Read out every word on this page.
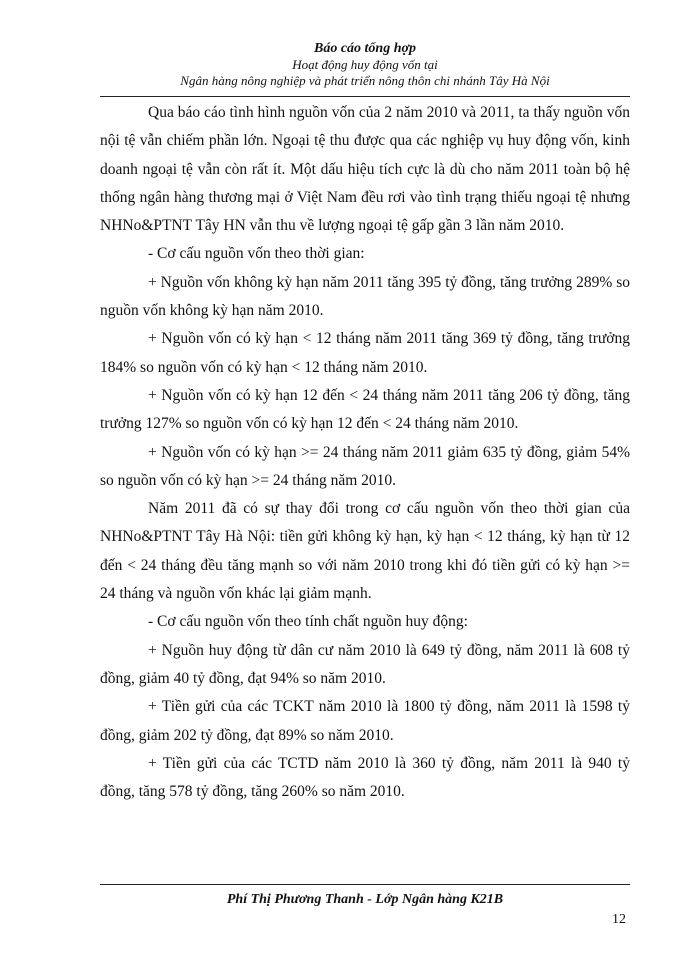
Báo cáo tổng hợp
Hoạt động huy động vốn tại
Ngân hàng nông nghiệp và phát triển nông thôn chi nhánh Tây Hà Nội

Qua báo cáo tình hình nguồn vốn của 2 năm 2010 và 2011, ta thấy nguồn vốn nội tệ vẫn chiếm phần lớn. Ngoại tệ thu được qua các nghiệp vụ huy động vốn, kinh doanh ngoại tệ vẫn còn rất ít. Một dấu hiệu tích cực là dù cho năm 2011 toàn bộ hệ thống ngân hàng thương mại ở Việt Nam đều rơi vào tình trạng thiếu ngoại tệ nhưng NHNo&PTNT Tây HN vẫn thu về lượng ngoại tệ gấp gần 3 lần năm 2010.

- Cơ cấu nguồn vốn theo thời gian:

+ Nguồn vốn không kỳ hạn năm 2011 tăng 395 tỷ đồng, tăng trưởng 289% so nguồn vốn không kỳ hạn năm 2010.

+ Nguồn vốn có kỳ hạn < 12 tháng năm 2011 tăng 369 tỷ đồng, tăng trưởng 184% so nguồn vốn có kỳ hạn < 12 tháng năm 2010.

+ Nguồn vốn có kỳ hạn 12 đến < 24 tháng năm 2011 tăng 206 tỷ đồng, tăng trưởng 127% so nguồn vốn có kỳ hạn 12 đến < 24 tháng năm 2010.

+ Nguồn vốn có kỳ hạn >= 24 tháng năm 2011 giảm 635 tỷ đồng, giảm 54% so nguồn vốn có kỳ hạn >= 24 tháng năm 2010.

Năm 2011 đã có sự thay đổi trong cơ cấu nguồn vốn theo thời gian của NHNo&PTNT Tây Hà Nội: tiền gửi không kỳ hạn, kỳ hạn < 12 tháng, kỳ hạn từ 12 đến < 24 tháng đều tăng mạnh so với năm 2010 trong khi đó tiền gửi có kỳ hạn >= 24 tháng và nguồn vốn khác lại giảm mạnh.

- Cơ cấu nguồn vốn theo tính chất nguồn huy động:

+ Nguồn huy động từ dân cư năm 2010 là 649 tỷ đồng, năm 2011 là 608 tỷ đồng, giảm 40 tỷ đồng, đạt 94% so năm 2010.

+ Tiền gửi của các TCKT năm 2010 là 1800 tỷ đồng, năm 2011 là 1598 tỷ đồng, giảm 202 tỷ đồng, đạt 89% so năm 2010.

+ Tiền gửi của các TCTD năm 2010 là 360 tỷ đồng, năm 2011 là 940 tỷ đồng, tăng 578 tỷ đồng, tăng 260% so năm 2010.

Phí Thị Phương Thanh - Lớp Ngân hàng K21B
12
